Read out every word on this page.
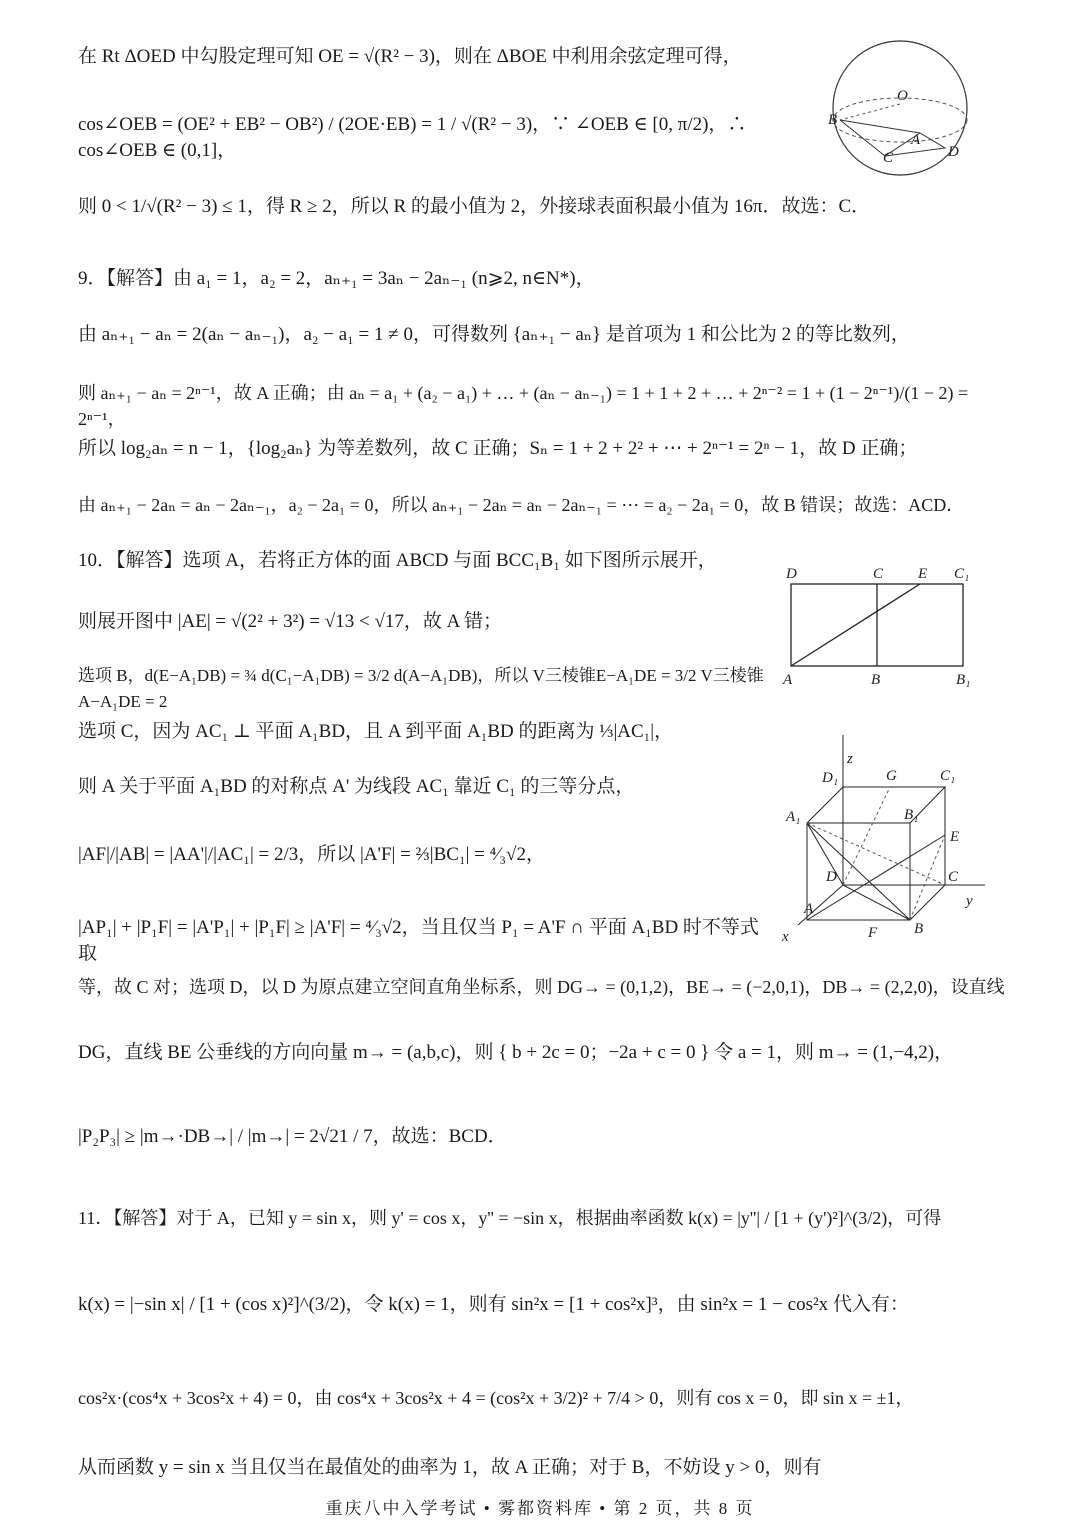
在 Rt ΔOED 中勾股定理可知 OE = √(R² − 3)，则在 ΔBOE 中利用余弦定理可得，
cos∠OEB = (OE² + EB² − OB²) / (2OE·EB) = 1 / √(R² − 3)，∵ ∠OEB ∈ [0, π/2)，∴ cos∠OEB ∈ (0,1]，
则 0 < 1/√(R² − 3) ≤ 1，得 R ≥ 2，所以 R 的最小值为 2，外接球表面积最小值为 16π．故选：C．
9．【解答】由 a₁ = 1，a₂ = 2，aₙ₊₁ = 3aₙ − 2aₙ₋₁ (n⩾2, n∈N*)，
由 aₙ₊₁ − aₙ = 2(aₙ − aₙ₋₁)，a₂ − a₁ = 1 ≠ 0，可得数列 {aₙ₊₁ − aₙ} 是首项为 1 和公比为 2 的等比数列，
则 aₙ₊₁ − aₙ = 2ⁿ⁻¹，故 A 正确；由 aₙ = a₁ + (a₂ − a₁) + … + (aₙ − aₙ₋₁) = 1 + 1 + 2 + … + 2ⁿ⁻² = 1 + (1 − 2ⁿ⁻¹)/(1 − 2) = 2ⁿ⁻¹，
所以 log₂aₙ = n − 1，{log₂aₙ} 为等差数列，故 C 正确；Sₙ = 1 + 2 + 2² + ⋯ + 2ⁿ⁻¹ = 2ⁿ − 1，故 D 正确；
由 aₙ₊₁ − 2aₙ = aₙ − 2aₙ₋₁，a₂ − 2a₁ = 0，所以 aₙ₊₁ − 2aₙ = aₙ − 2aₙ₋₁ = ⋯ = a₂ − 2a₁ = 0，故 B 错误；故选：ACD．
10．【解答】选项 A，若将正方体的面 ABCD 与面 BCC₁B₁ 如下图所示展开，
则展开图中 |AE| = √(2² + 3²) = √13 < √17，故 A 错；
选项 B，d(E−A₁DB) = ¾ d(C₁−A₁DB) = 3/2 d(A−A₁DB)，所以 V三棱锥E−A₁DE = 3/2 V三棱锥A−A₁DE = 2
选项 C，因为 AC₁ ⊥ 平面 A₁BD，且 A 到平面 A₁BD 的距离为 ⅓|AC₁|，
则 A 关于平面 A₁BD 的对称点 A' 为线段 AC₁ 靠近 C₁ 的三等分点，
|AF|/|AB| = |AA'|/|AC₁| = 2/3，所以 |A'F| = ⅔|BC₁| = ⁴⁄₃√2，
|AP₁| + |P₁F| = |A'P₁| + |P₁F| ≥ |A'F| = ⁴⁄₃√2，当且仅当 P₁ = A'F ∩ 平面 A₁BD 时不等式取
等，故 C 对；选项 D，以 D 为原点建立空间直角坐标系，则 DG→ = (0,1,2)，BE→ = (−2,0,1)，DB→ = (2,2,0)，设直线
DG，直线 BE 公垂线的方向向量 m→ = (a,b,c)，则 { b + 2c = 0；−2a + c = 0 } 令 a = 1，则 m→ = (1,−4,2)，
|P₂P₃| ≥ |m→·DB→| / |m→| = 2√21 / 7，故选：BCD．
11．【解答】对于 A，已知 y = sin x，则 y' = cos x，y'' = −sin x，根据曲率函数 k(x) = |y''| / [1 + (y')²]^(3/2)，可得
k(x) = |−sin x| / [1 + (cos x)²]^(3/2)，令 k(x) = 1，则有 sin²x = [1 + cos²x]³，由 sin²x = 1 − cos²x 代入有：
cos²x·(cos⁴x + 3cos²x + 4) = 0，由 cos⁴x + 3cos²x + 4 = (cos²x + 3/2)² + 7/4 > 0，则有 cos x = 0，即 sin x = ±1，
从而函数 y = sin x 当且仅当在最值处的曲率为 1，故 A 正确；对于 B，不妨设 y > 0，则有
重庆八中入学考试 • 雾都资料库 • 第 2 页，共 8 页
O
B
A
C	D
D	C E C₁
A	B	B₁
z
D₁	G	C₁
A₁	B₁
E
D	C
y
x
A
F B
